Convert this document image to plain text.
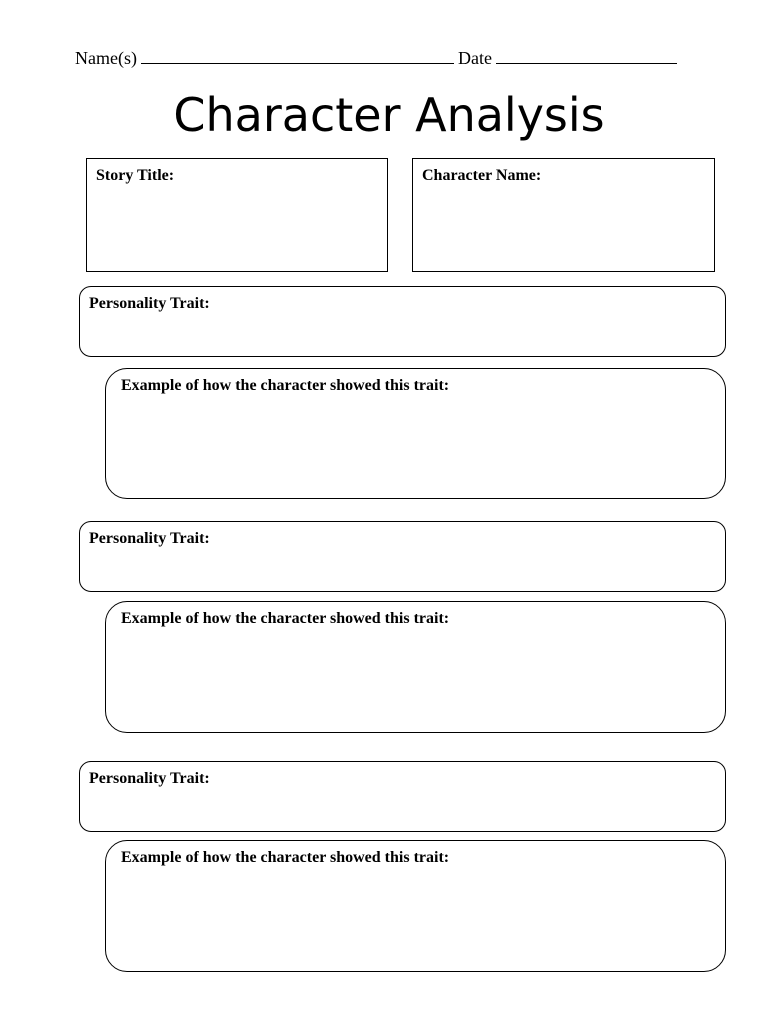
Name(s)	Date
Character Analysis
Story Title:	Character Name:
Personality Trait:
Example of how the character showed this trait:
Personality Trait:
Example of how the character showed this trait:
Personality Trait:
Example of how the character showed this trait:
